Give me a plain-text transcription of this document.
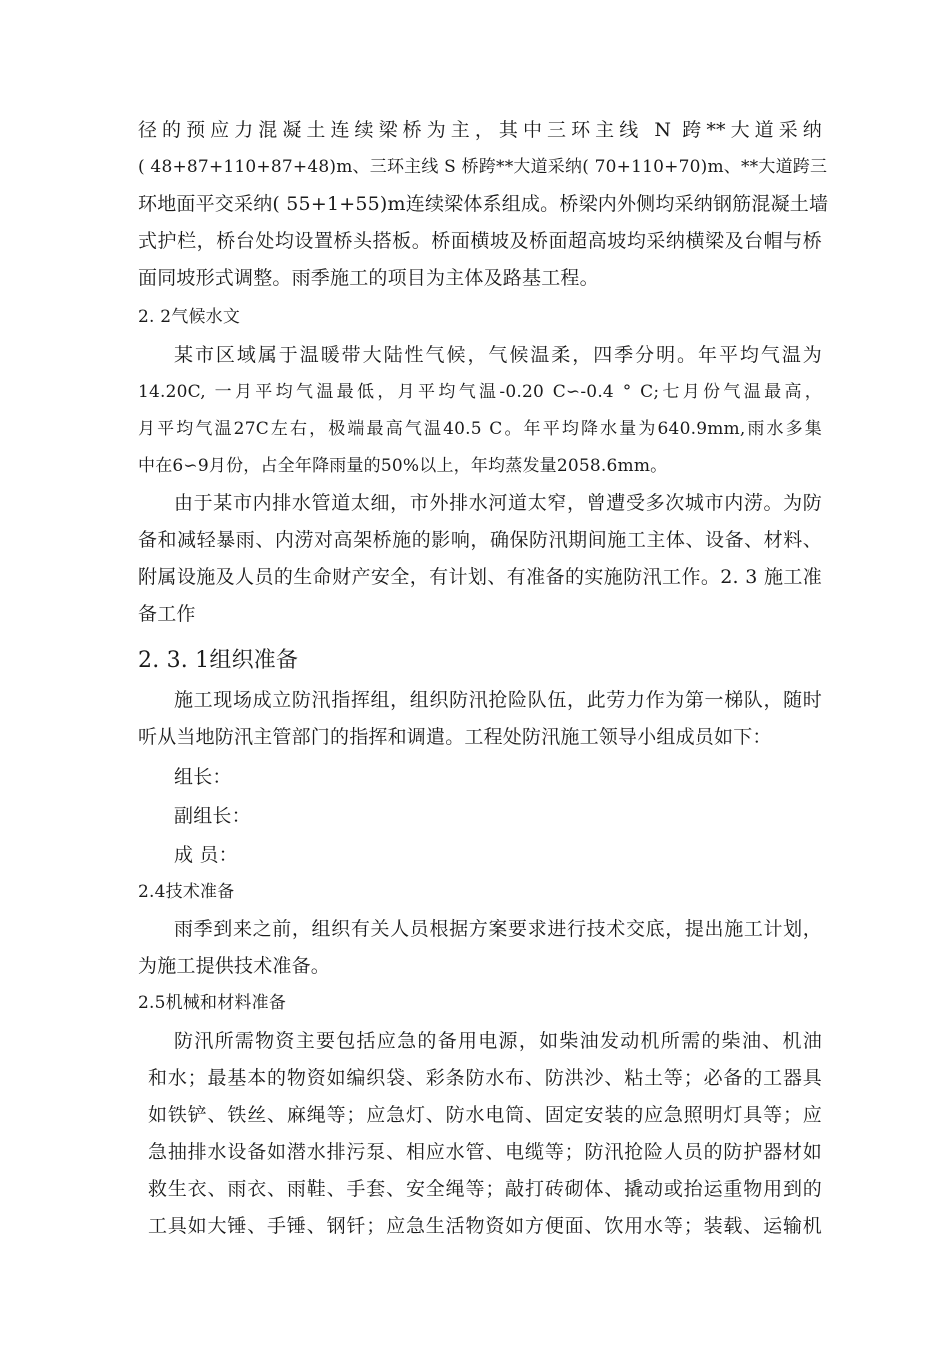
径的预应力混凝土连续梁桥为主，其中三环主线 N 跨**大道采纳
( 48+87+110+87+48)m、三环主线 S 桥跨**大道采纳( 70+110+70)m、**大道跨三
环地面平交采纳( 55+1+55)m连续梁体系组成。桥梁内外侧均采纳钢筋混凝土墙
式护栏，桥台处均设置桥头搭板。桥面横坡及桥面超高坡均采纳横梁及台帽与桥
面同坡形式调整。雨季施工的项目为主体及路基工程。
2. 2气候水文
某市区域属于温暖带大陆性气候，气候温柔，四季分明。年平均气温为
14.20C, 一月平均气温最低，月平均气温-0.20 C∽-0.4 ° C;七月份气温最高，
月平均气温27C左右，极端最高气温40.5 C。年平均降水量为640.9mm,雨水多集
中在6∽9月份，占全年降雨量的50%以上，年均蒸发量2058.6mm。
由于某市内排水管道太细，市外排水河道太窄，曾遭受多次城市内涝。为防
备和减轻暴雨、内涝对高架桥施的影响，确保防汛期间施工主体、设备、材料、
附属设施及人员的生命财产安全，有计划、有准备的实施防汛工作。2. 3 施工准
备工作
2. 3. 1组织准备
施工现场成立防汛指挥组，组织防汛抢险队伍，此劳力作为第一梯队，随时
听从当地防汛主管部门的指挥和调遣。工程处防汛施工领导小组成员如下：
组长：
副组长：
成 员：
2.4技术准备
雨季到来之前，组织有关人员根据方案要求进行技术交底，提出施工计划，
为施工提供技术准备。
2.5机械和材料准备
防汛所需物资主要包括应急的备用电源，如柴油发动机所需的柴油、机油
和水；最基本的物资如编织袋、彩条防水布、防洪沙、粘土等；必备的工器具
如铁铲、铁丝、麻绳等；应急灯、防水电筒、固定安装的应急照明灯具等；应
急抽排水设备如潜水排污泵、相应水管、电缆等；防汛抢险人员的防护器材如
救生衣、雨衣、雨鞋、手套、安全绳等；敲打砖砌体、撬动或抬运重物用到的
工具如大锤、手锤、钢钎；应急生活物资如方便面、饮用水等；装载、运输机
